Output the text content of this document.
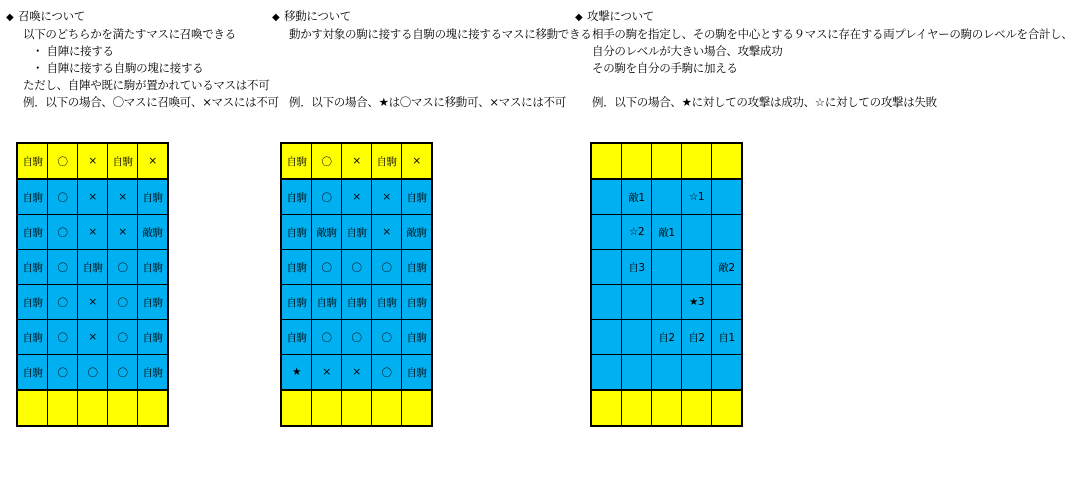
◆ 召喚について
以下のどちらかを満たすマスに召喚できる
・ 自陣に接する
・ 自陣に接する自駒の塊に接する
ただし、自陣や既に駒が置かれているマスは不可
例．以下の場合、〇マスに召喚可、×マスには不可
自駒	〇	×	自駒	×
自駒	〇	×	×	自駒
自駒	〇	×	×	敵駒
自駒	〇	自駒	〇	自駒
自駒	〇	×	〇	自駒
自駒	〇	×	〇	自駒
自駒	〇	〇	〇	自駒

◆ 移動について
動かす対象の駒に接する自駒の塊に接するマスに移動できる

例．以下の場合、★は〇マスに移動可、×マスには不可
自駒	〇	×	自駒	×
自駒	〇	×	×	自駒
自駒	敵駒	自駒	×	敵駒
自駒	〇	〇	〇	自駒
自駒	自駒	自駒	自駒	自駒
自駒	〇	〇	〇	自駒
★	×	×	〇	自駒

◆ 攻撃について
相手の駒を指定し、その駒を中心とする９マスに存在する両プレイヤーの駒のレベルを合計し、
自分のレベルが大きい場合、攻撃成功
その駒を自分の手駒に加える

例．以下の場合、★に対しての攻撃は成功、☆に対しての攻撃は失敗

	敵1		☆1	
	☆2	敵1		
	自3			敵2
			★3	
		自2	自2	自1
